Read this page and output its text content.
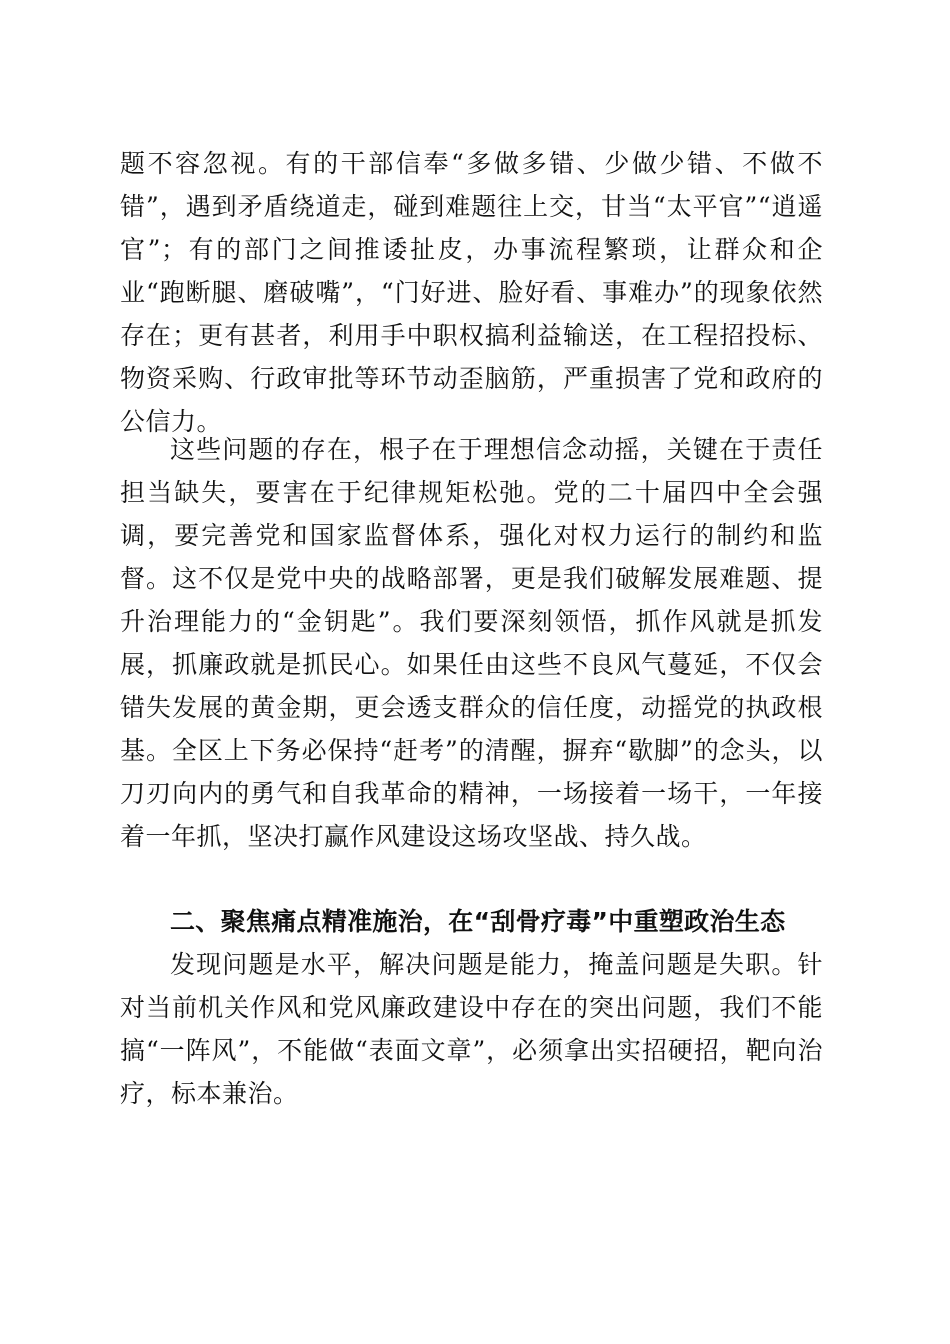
题不容忽视。有的干部信奉“多做多错、少做少错、不做不错”，遇到矛盾绕道走，碰到难题往上交，甘当“太平官”“逍遥官”；有的部门之间推诿扯皮，办事流程繁琐，让群众和企业“跑断腿、磨破嘴”，“门好进、脸好看、事难办”的现象依然存在；更有甚者，利用手中职权搞利益输送，在工程招投标、物资采购、行政审批等环节动歪脑筋，严重损害了党和政府的公信力。

这些问题的存在，根子在于理想信念动摇，关键在于责任担当缺失，要害在于纪律规矩松弛。党的二十届四中全会强调，要完善党和国家监督体系，强化对权力运行的制约和监督。这不仅是党中央的战略部署，更是我们破解发展难题、提升治理能力的“金钥匙”。我们要深刻领悟，抓作风就是抓发展，抓廉政就是抓民心。如果任由这些不良风气蔓延，不仅会错失发展的黄金期，更会透支群众的信任度，动摇党的执政根基。全区上下务必保持“赶考”的清醒，摒弃“歇脚”的念头，以刀刃向内的勇气和自我革命的精神，一场接着一场干，一年接着一年抓，坚决打赢作风建设这场攻坚战、持久战。

二、聚焦痛点精准施治，在“刮骨疗毒”中重塑政治生态

发现问题是水平，解决问题是能力，掩盖问题是失职。针对当前机关作风和党风廉政建设中存在的突出问题，我们不能搞“一阵风”，不能做“表面文章”，必须拿出实招硬招，靶向治疗，标本兼治。
